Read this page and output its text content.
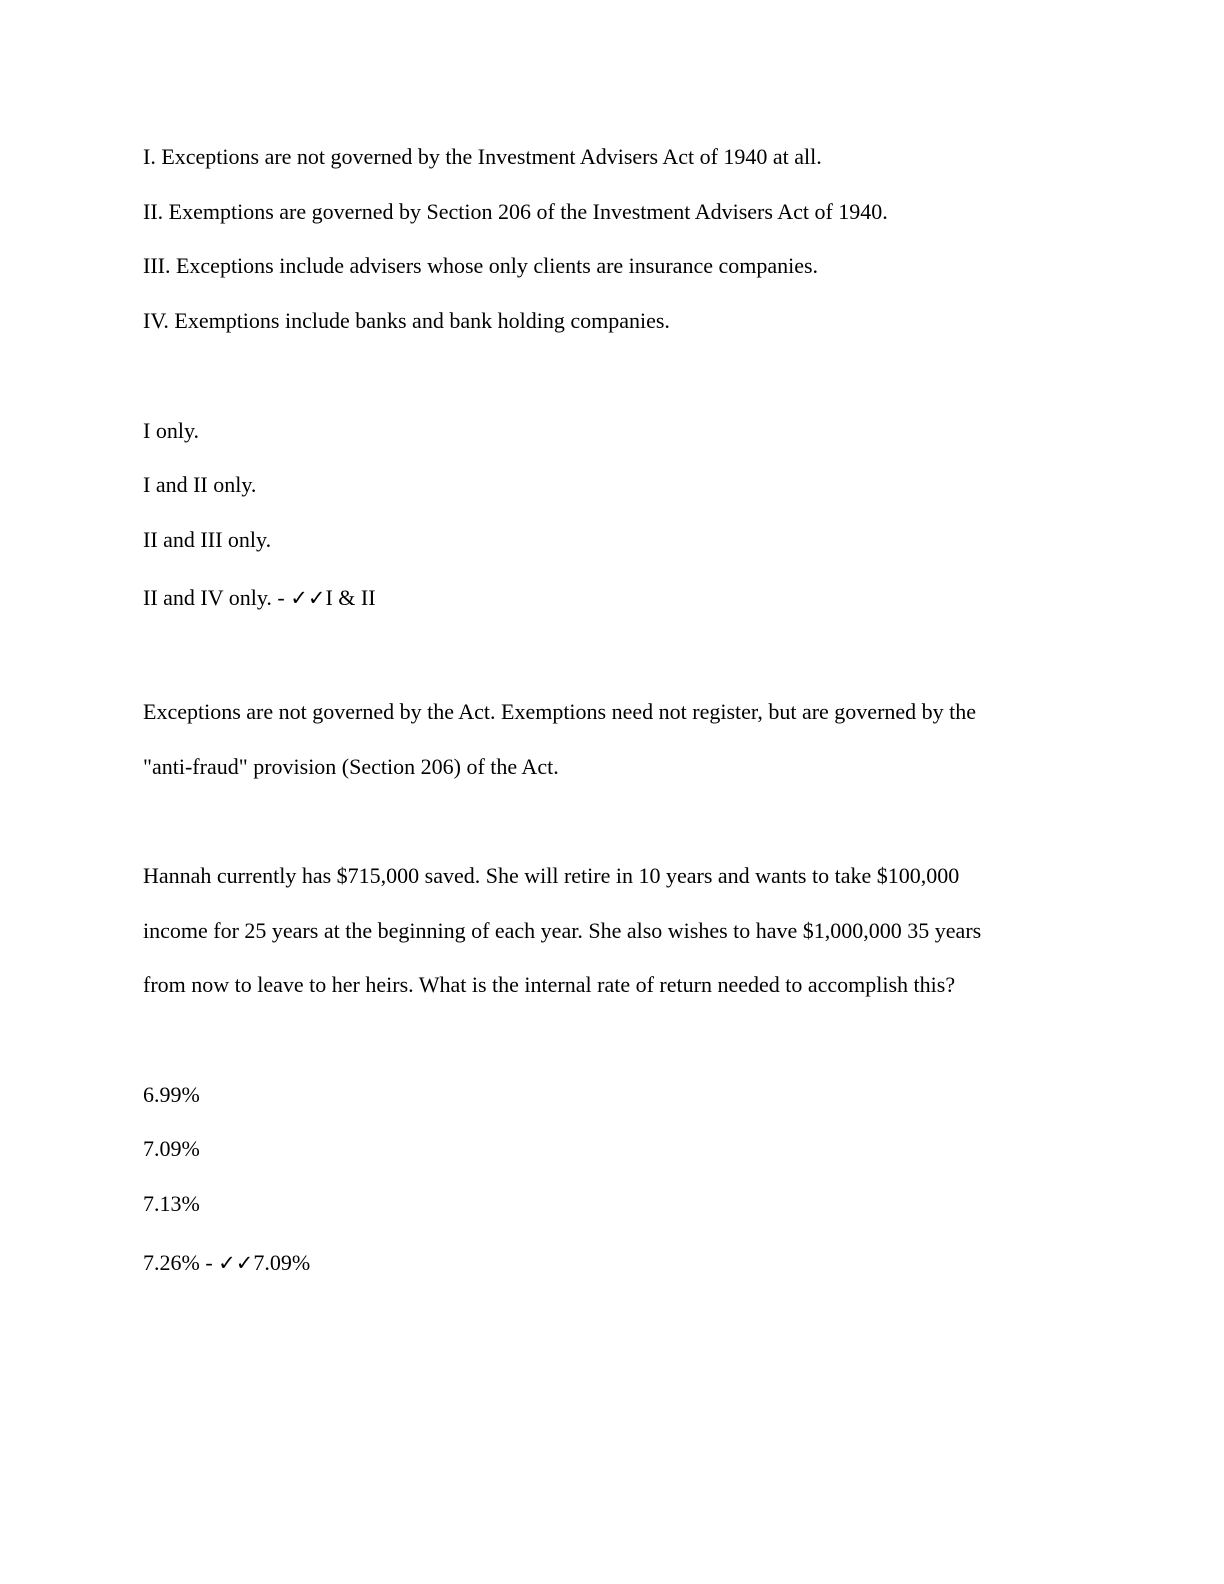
I. Exceptions are not governed by the Investment Advisers Act of 1940 at all.
II. Exemptions are governed by Section 206 of the Investment Advisers Act of 1940.
III. Exceptions include advisers whose only clients are insurance companies.
IV. Exemptions include banks and bank holding companies.
I only.
I and II only.
II and III only.
II and IV only. - ✓✓I & II
Exceptions are not governed by the Act. Exemptions need not register, but are governed by the
"anti-fraud" provision (Section 206) of the Act.
Hannah currently has $715,000 saved. She will retire in 10 years and wants to take $100,000
income for 25 years at the beginning of each year. She also wishes to have $1,000,000 35 years
from now to leave to her heirs. What is the internal rate of return needed to accomplish this?
6.99%
7.09%
7.13%
7.26% - ✓✓7.09%
